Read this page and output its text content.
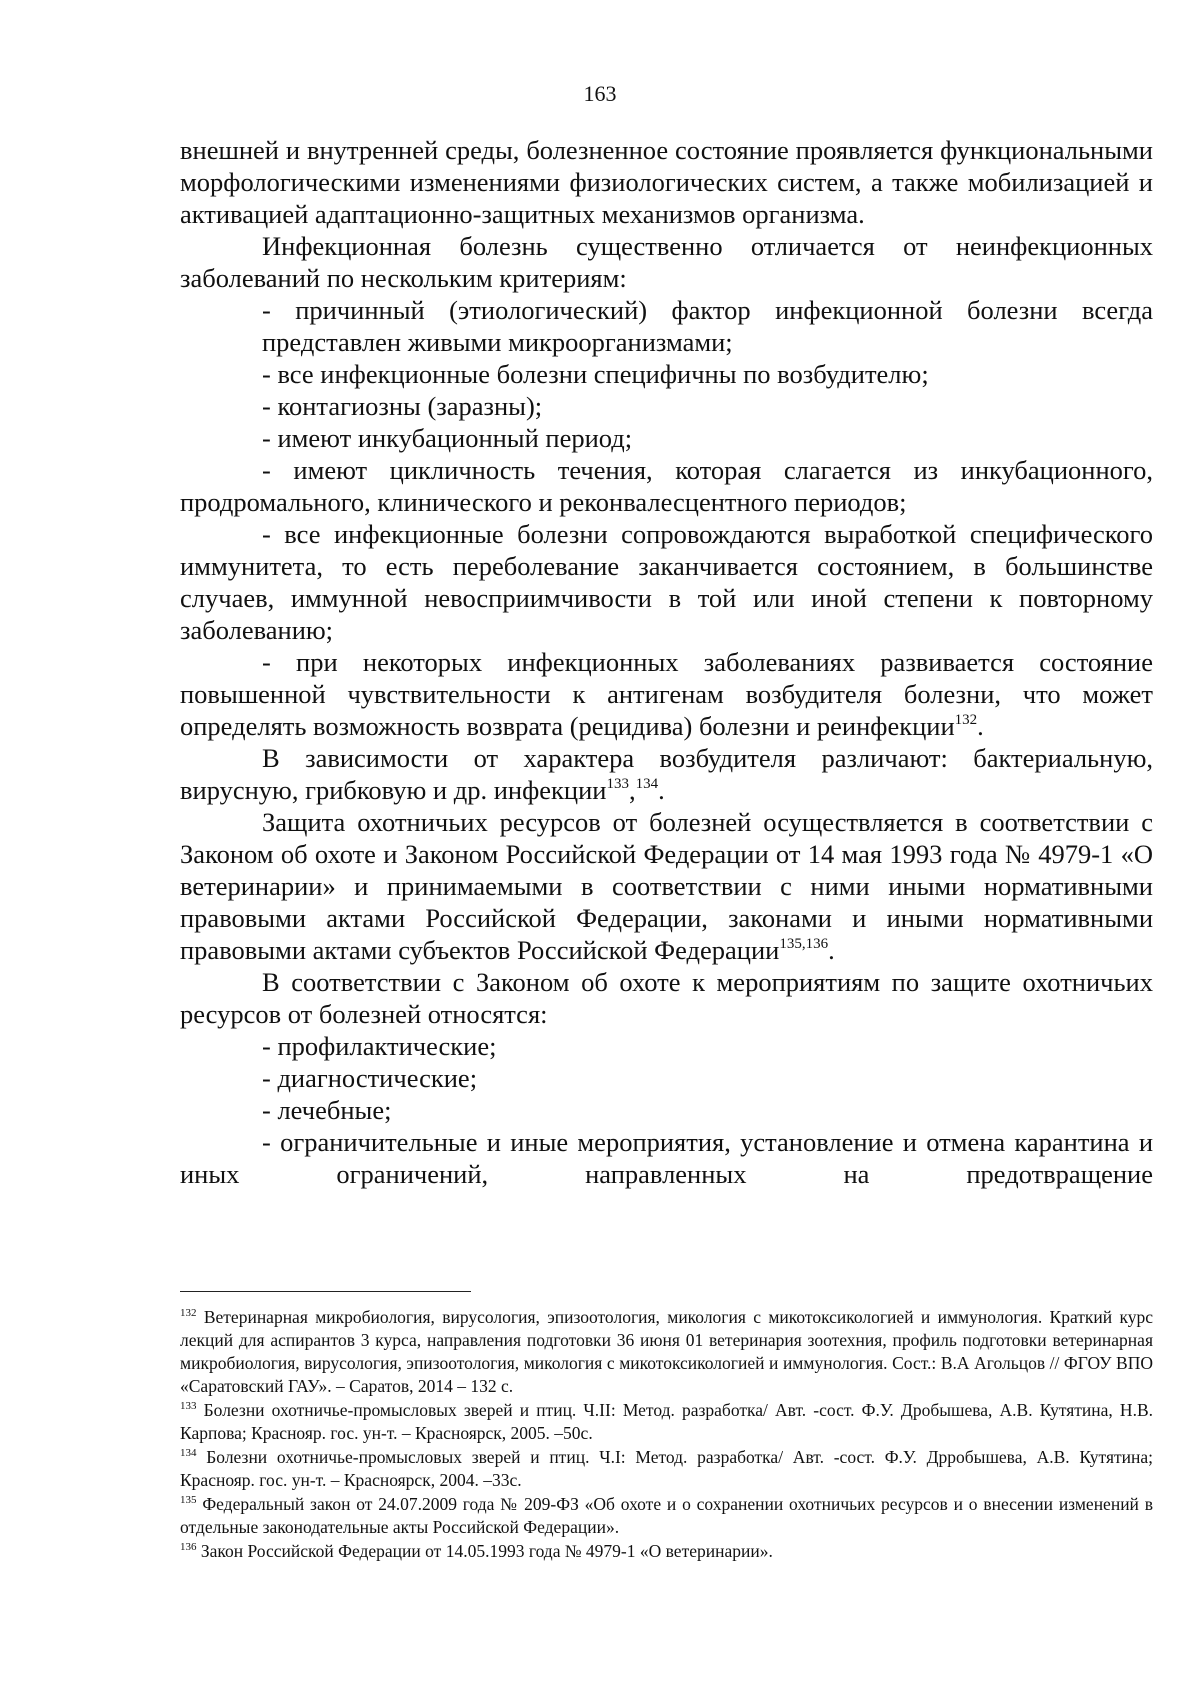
163

внешней и внутренней среды, болезненное состояние проявляется функциональными морфологическими изменениями физиологических систем, а также мобилизацией и активацией адаптационно-защитных механизмов организма.

Инфекционная болезнь существенно отличается от неинфекционных заболеваний по нескольким критериям:

- причинный (этиологический) фактор инфекционной болезни всегда представлен живыми микроорганизмами;

- все инфекционные болезни специфичны по возбудителю;

- контагиозны (заразны);

- имеют инкубационный период;

- имеют цикличность течения, которая слагается из инкубационного, продромального, клинического и реконвалесцентного периодов;

- все инфекционные болезни сопровождаются выработкой специфического иммунитета, то есть переболевание заканчивается состоянием, в большинстве случаев, иммунной невосприимчивости в той или иной степени к повторному заболеванию;

- при некоторых инфекционных заболеваниях развивается состояние повышенной чувствительности к антигенам возбудителя болезни, что может определять возможность возврата (рецидива) болезни и реинфекции$^{132}$.

В зависимости от характера возбудителя различают: бактериальную, вирусную, грибковую и др. инфекции$^{133}$,$^{134}$.

Защита охотничьих ресурсов от болезней осуществляется в соответствии с Законом об охоте и Законом Российской Федерации от 14 мая 1993 года № 4979-1 «О ветеринарии» и принимаемыми в соответствии с ними иными нормативными правовыми актами Российской Федерации, законами и иными нормативными правовыми актами субъектов Российской Федерации$^{135,136}$.

В соответствии с Законом об охоте к мероприятиям по защите охотничьих ресурсов от болезней относятся:

- профилактические;

- диагностические;

- лечебные;

- ограничительные и иные мероприятия, установление и отмена карантина и иных ограничений, направленных на предотвращение

$^{132}$ Ветеринарная микробиология, вирусология, эпизоотология, микология с микотоксикологией и иммунология. Краткий курс лекций для аспирантов 3 курса, направления подготовки 36 июня 01 ветеринария зоотехния, профиль подготовки ветеринарная микробиология, вирусология, эпизоотология, микология с микотоксикологией и иммунология. Сост.: В.А Агольцов // ФГОУ ВПО «Саратовский ГАУ». – Саратов, 2014 – 132 с.

$^{133}$ Болезни охотничье-промысловых зверей и птиц. Ч.II: Метод. разработка/ Авт. -сост. Ф.У. Дробышева, А.В. Кутятина, Н.В. Карпова; Краснояр. гос. ун-т. – Красноярск, 2005. –50с.

$^{134}$ Болезни охотничье-промысловых зверей и птиц. Ч.I: Метод. разработка/ Авт. -сост. Ф.У. Дрробышева, А.В. Кутятина; Краснояр. гос. ун-т. – Красноярск, 2004. –33с.

$^{135}$ Федеральный закон от 24.07.2009 года № 209-ФЗ «Об охоте и о сохранении охотничьих ресурсов и о внесении изменений в отдельные законодательные акты Российской Федерации».

$^{136}$ Закон Российской Федерации от 14.05.1993 года № 4979-1 «О ветеринарии».
